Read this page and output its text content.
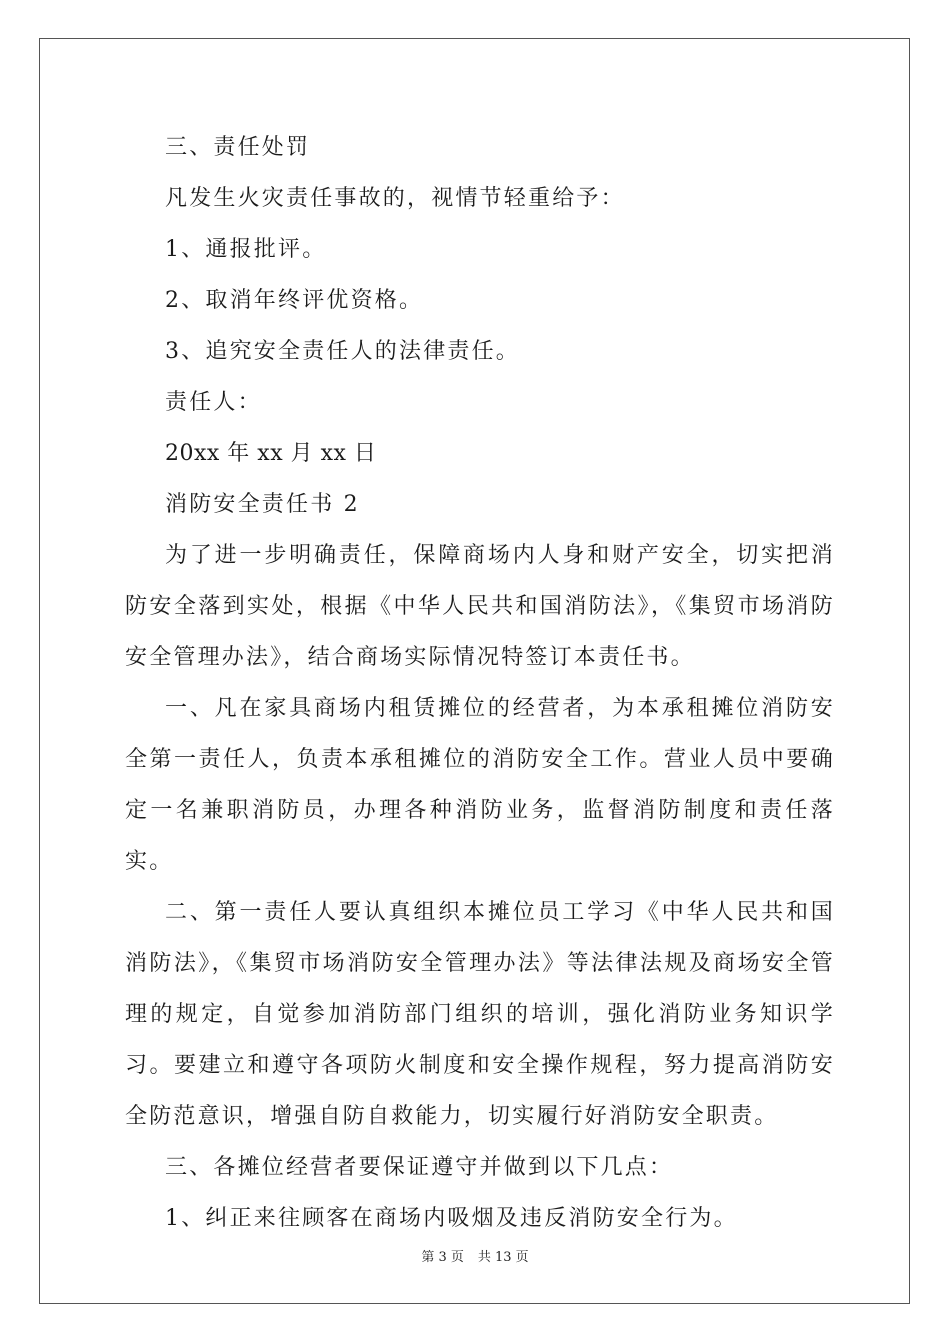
三、责任处罚
凡发生火灾责任事故的，视情节轻重给予：
1、通报批评。
2、取消年终评优资格。
3、追究安全责任人的法律责任。
责任人：
20xx 年 xx 月 xx 日
消防安全责任书 2
为了进一步明确责任，保障商场内人身和财产安全，切实把消防安全落到实处，根据《中华人民共和国消防法》，《集贸市场消防安全管理办法》，结合商场实际情况特签订本责任书。
一、凡在家具商场内租赁摊位的经营者，为本承租摊位消防安全第一责任人，负责本承租摊位的消防安全工作。营业人员中要确定一名兼职消防员，办理各种消防业务，监督消防制度和责任落实。
二、第一责任人要认真组织本摊位员工学习《中华人民共和国消防法》，《集贸市场消防安全管理办法》等法律法规及商场安全管理的规定，自觉参加消防部门组织的培训，强化消防业务知识学习。要建立和遵守各项防火制度和安全操作规程，努力提高消防安全防范意识，增强自防自救能力，切实履行好消防安全职责。
三、各摊位经营者要保证遵守并做到以下几点：
1、纠正来往顾客在商场内吸烟及违反消防安全行为。
第 3 页 共 13 页
